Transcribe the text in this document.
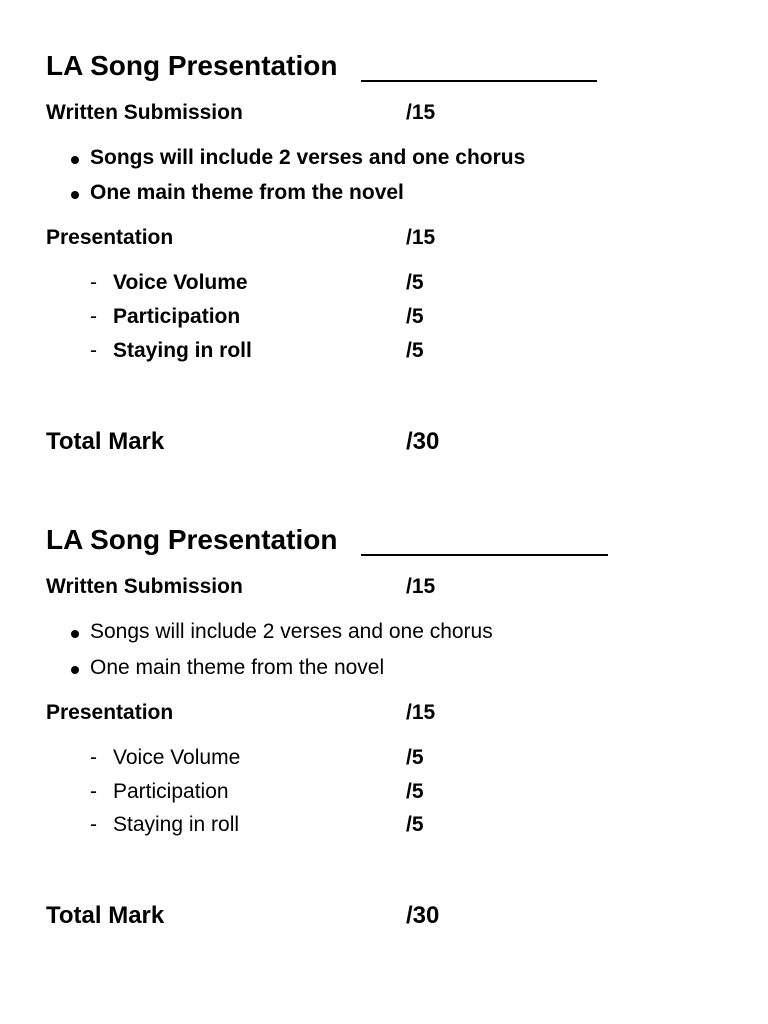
LA Song Presentation
Written Submission	/15
Songs will include 2 verses and one chorus
One main theme from the novel
Presentation	/15
- Voice Volume	/5
- Participation	/5
- Staying in roll	/5
Total Mark	/30
LA Song Presentation
Written Submission	/15
Songs will include 2 verses and one chorus
One main theme from the novel
Presentation	/15
- Voice Volume	/5
- Participation	/5
- Staying in roll	/5
Total Mark	/30
